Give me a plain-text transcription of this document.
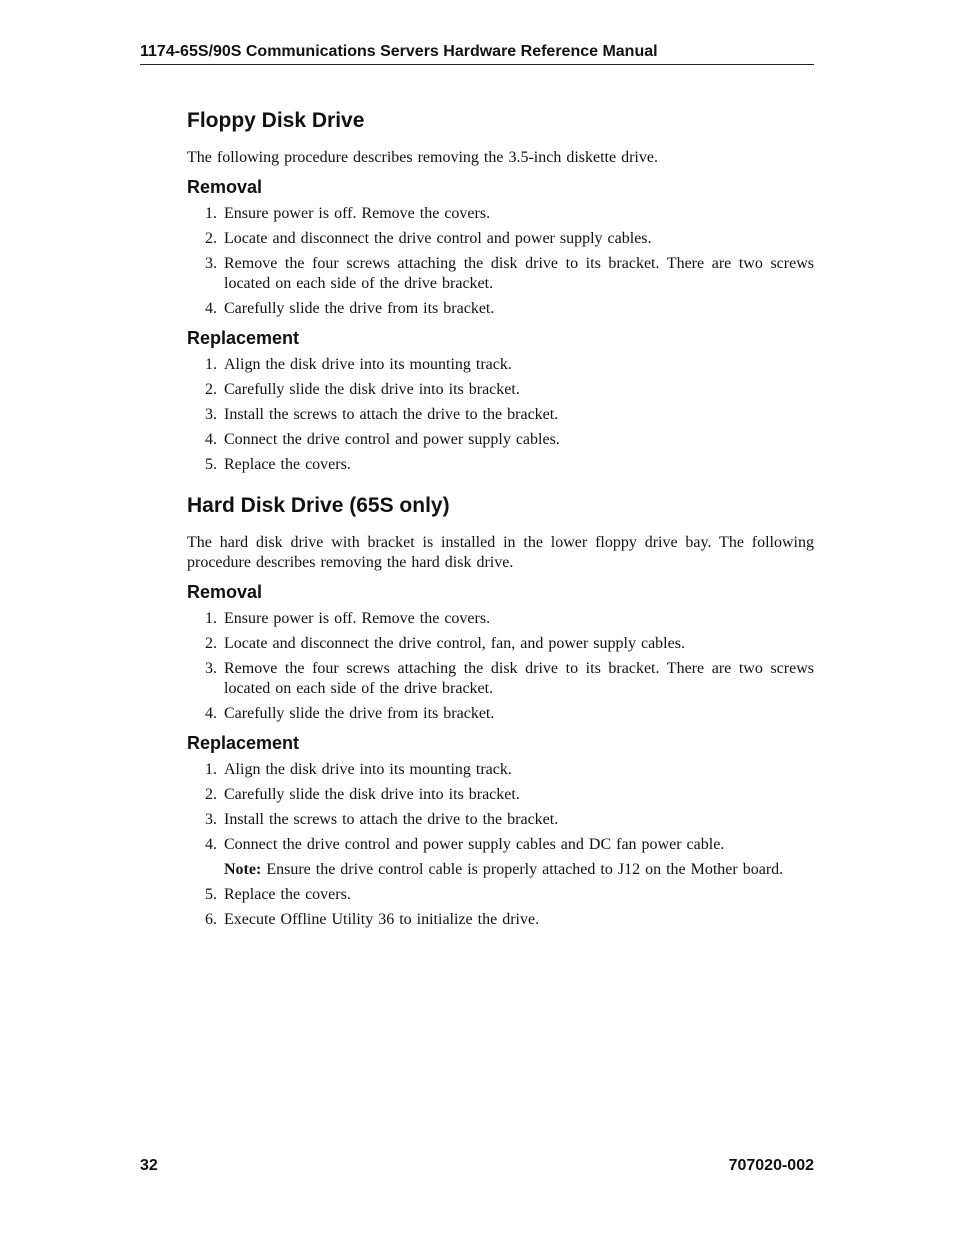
1174-65S/90S Communications Servers Hardware Reference Manual
Floppy Disk Drive

The following procedure describes removing the 3.5-inch diskette drive.

Removal
1. Ensure power is off. Remove the covers.
2. Locate and disconnect the drive control and power supply cables.
3. Remove the four screws attaching the disk drive to its bracket. There are two screws located on each side of the drive bracket.
4. Carefully slide the drive from its bracket.
Replacement
1. Align the disk drive into its mounting track.
2. Carefully slide the disk drive into its bracket.
3. Install the screws to attach the drive to the bracket.
4. Connect the drive control and power supply cables.
5. Replace the covers.
Hard Disk Drive (65S only)

The hard disk drive with bracket is installed in the lower floppy drive bay. The following procedure describes removing the hard disk drive.

Removal
1. Ensure power is off. Remove the covers.
2. Locate and disconnect the drive control, fan, and power supply cables.
3. Remove the four screws attaching the disk drive to its bracket. There are two screws located on each side of the drive bracket.
4. Carefully slide the drive from its bracket.
Replacement
1. Align the disk drive into its mounting track.
2. Carefully slide the disk drive into its bracket.
3. Install the screws to attach the drive to the bracket.
4. Connect the drive control and power supply cables and DC fan power cable.
Note: Ensure the drive control cable is properly attached to J12 on the Mother board.
5. Replace the covers.
6. Execute Offline Utility 36 to initialize the drive.
32	707020-002
